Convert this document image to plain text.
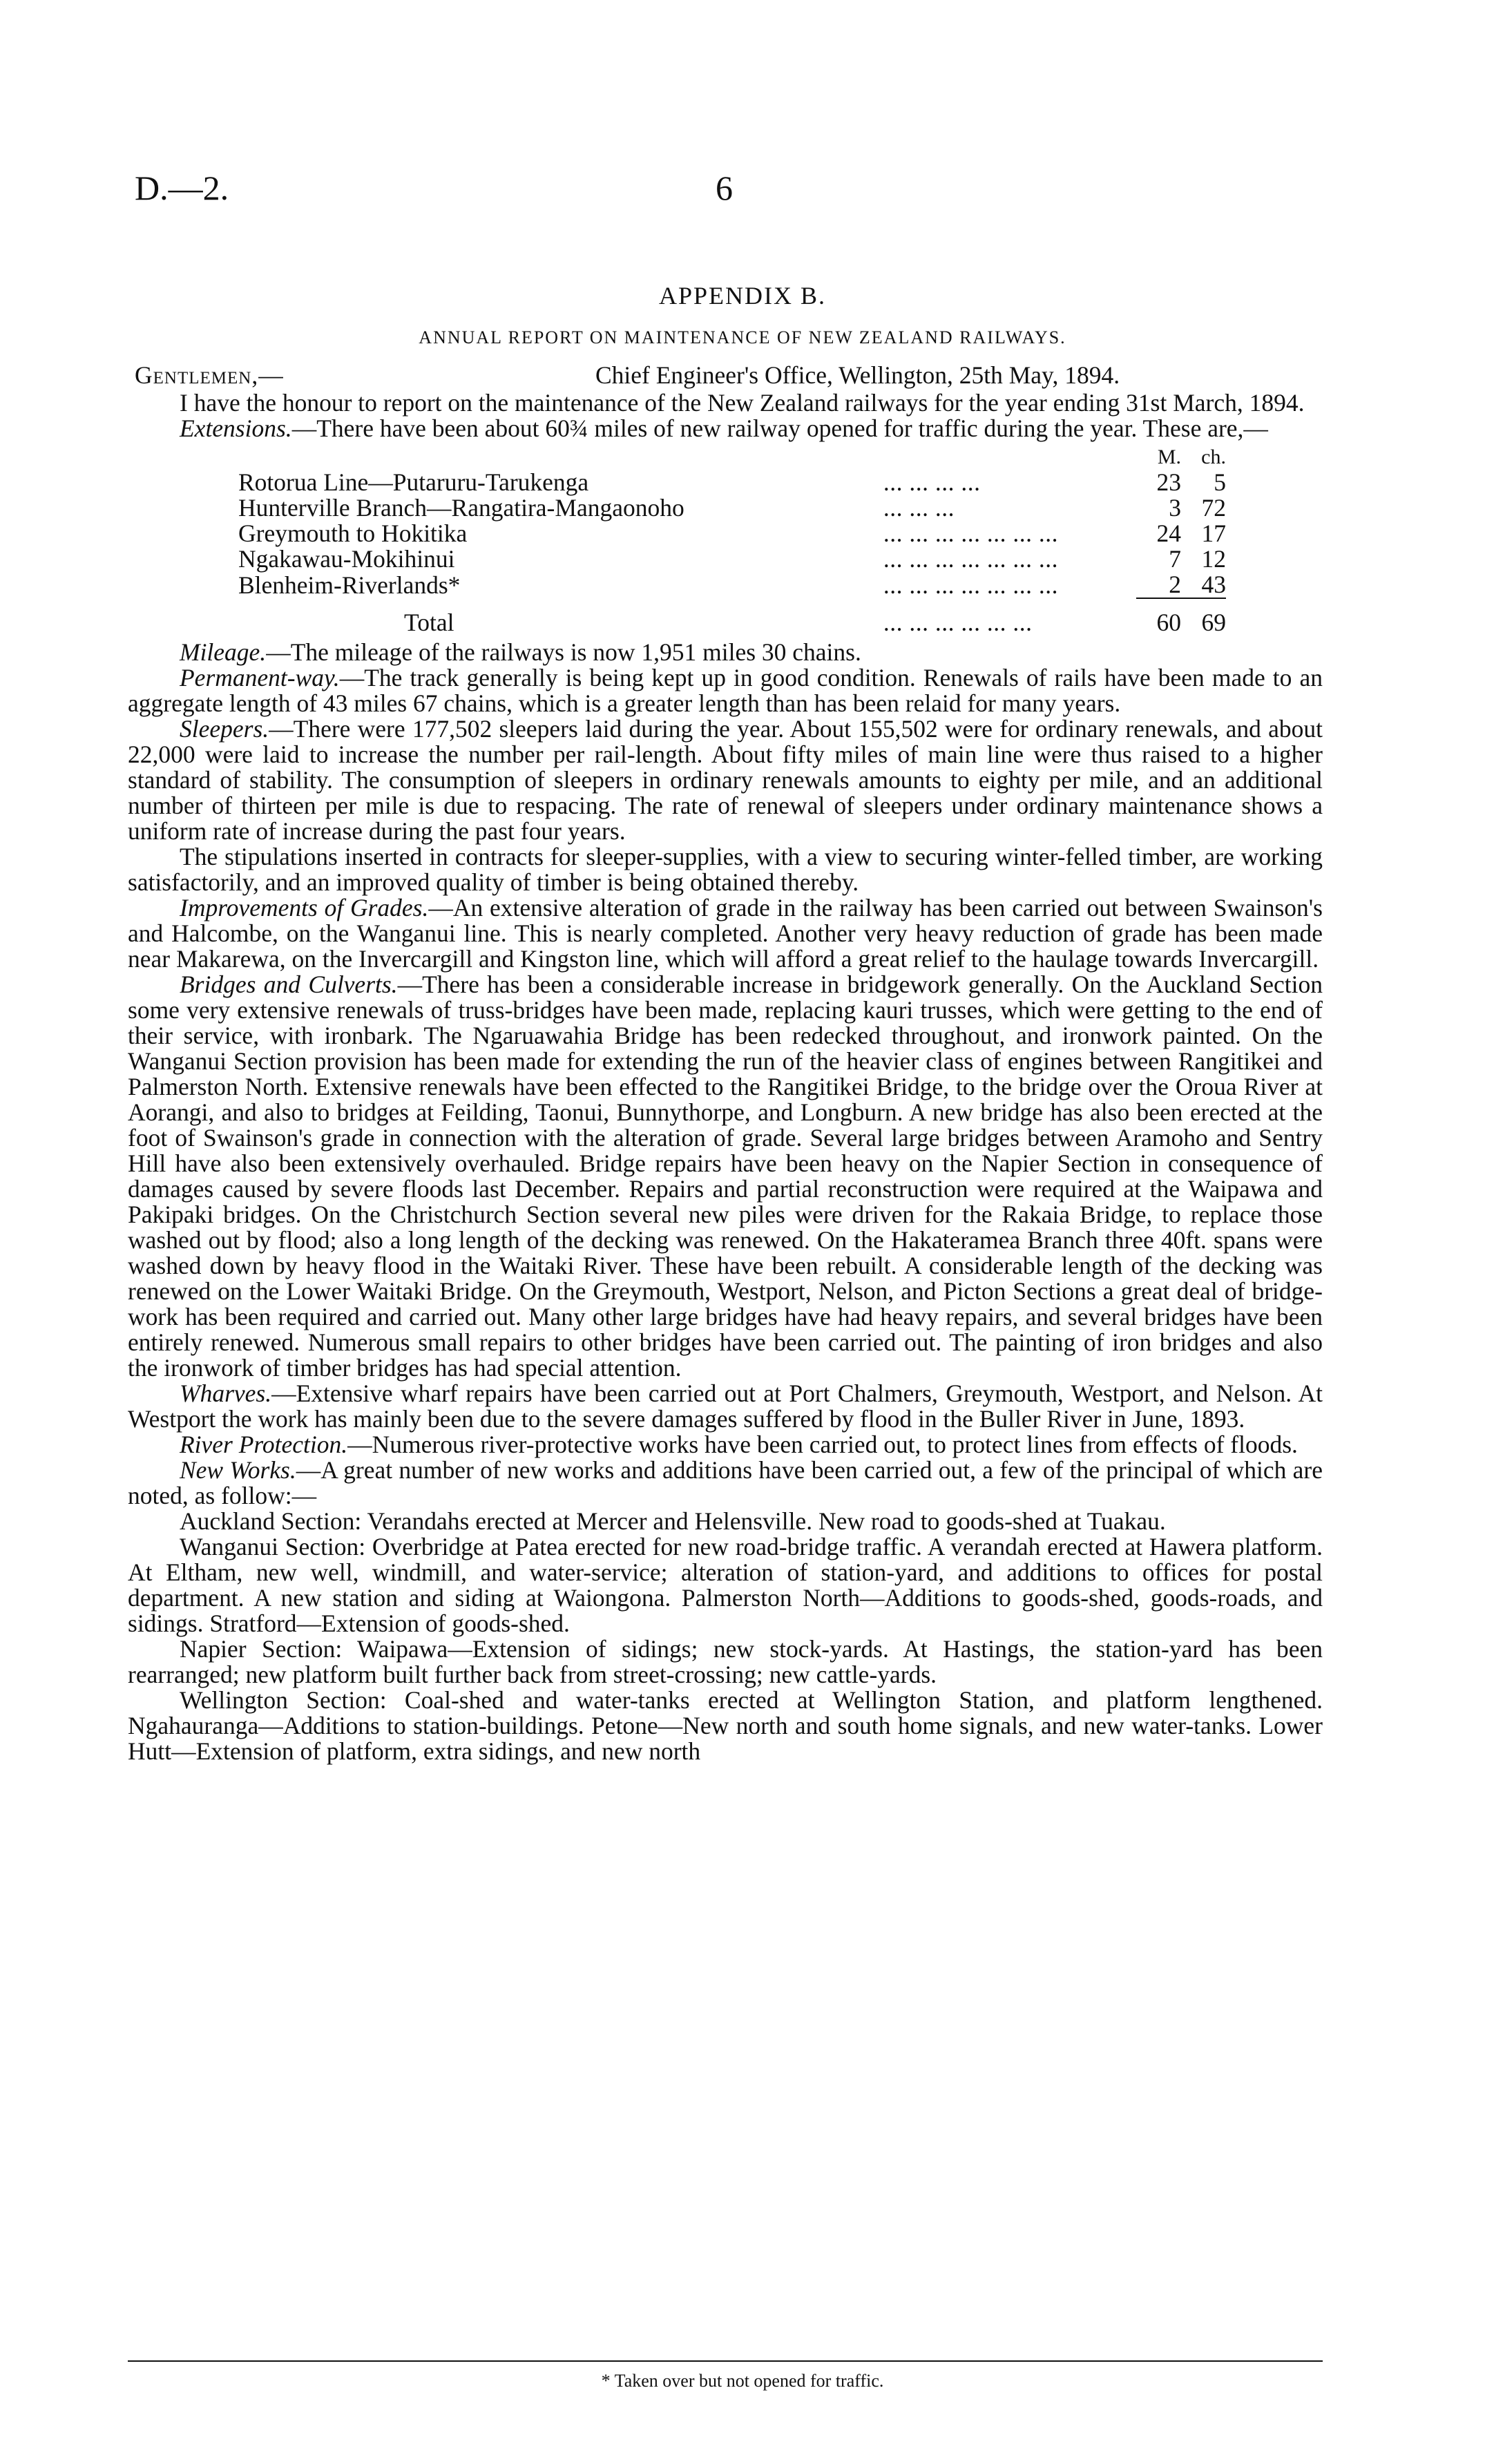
D.—2.	6
APPENDIX B.
ANNUAL REPORT ON MAINTENANCE OF NEW ZEALAND RAILWAYS.
Gentlemen,—	Chief Engineer's Office, Wellington, 25th May, 1894.

I have the honour to report on the maintenance of the New Zealand railways for the year ending 31st March, 1894.

Extensions.—There have been about 60¾ miles of new railway opened for traffic during the year. These are,—

		M.	ch.
Rotorua Line—Putaruru-Tarukenga	... ... ... ...	23	5
Hunterville Branch—Rangatira-Mangaonoho	... ... ...	3	72
Greymouth to Hokitika	... ... ... ... ... ... ...	24	17
Ngakawau-Mokihinui	... ... ... ... ... ... ...	7	12
Blenheim-Riverlands*	... ... ... ... ... ... ...	2	43
Total	... ... ... ... ... ...	60	69

Mileage.—The mileage of the railways is now 1,951 miles 30 chains.

Permanent-way.—The track generally is being kept up in good condition. Renewals of rails have been made to an aggregate length of 43 miles 67 chains, which is a greater length than has been relaid for many years.

Sleepers.—There were 177,502 sleepers laid during the year. About 155,502 were for ordinary renewals, and about 22,000 were laid to increase the number per rail-length. About fifty miles of main line were thus raised to a higher standard of stability. The consumption of sleepers in ordinary renewals amounts to eighty per mile, and an additional number of thirteen per mile is due to respacing. The rate of renewal of sleepers under ordinary maintenance shows a uniform rate of increase during the past four years.

The stipulations inserted in contracts for sleeper-supplies, with a view to securing winter-felled timber, are working satisfactorily, and an improved quality of timber is being obtained thereby.

Improvements of Grades.—An extensive alteration of grade in the railway has been carried out between Swainson's and Halcombe, on the Wanganui line. This is nearly completed. Another very heavy reduction of grade has been made near Makarewa, on the Invercargill and Kingston line, which will afford a great relief to the haulage towards Invercargill.

Bridges and Culverts.—There has been a considerable increase in bridgework generally. On the Auckland Section some very extensive renewals of truss-bridges have been made, replacing kauri trusses, which were getting to the end of their service, with ironbark. The Ngaruawahia Bridge has been redecked throughout, and ironwork painted. On the Wanganui Section provision has been made for extending the run of the heavier class of engines between Rangitikei and Palmerston North. Extensive renewals have been effected to the Rangitikei Bridge, to the bridge over the Oroua River at Aorangi, and also to bridges at Feilding, Taonui, Bunnythorpe, and Longburn. A new bridge has also been erected at the foot of Swainson's grade in connection with the alteration of grade. Several large bridges between Aramoho and Sentry Hill have also been extensively overhauled. Bridge repairs have been heavy on the Napier Section in consequence of damages caused by severe floods last December. Repairs and partial reconstruction were required at the Waipawa and Pakipaki bridges. On the Christchurch Section several new piles were driven for the Rakaia Bridge, to replace those washed out by flood; also a long length of the decking was renewed. On the Hakateramea Branch three 40ft. spans were washed down by heavy flood in the Waitaki River. These have been rebuilt. A considerable length of the decking was renewed on the Lower Waitaki Bridge. On the Greymouth, Westport, Nelson, and Picton Sections a great deal of bridge-work has been required and carried out. Many other large bridges have had heavy repairs, and several bridges have been entirely renewed. Numerous small repairs to other bridges have been carried out. The painting of iron bridges and also the ironwork of timber bridges has had special attention.

Wharves.—Extensive wharf repairs have been carried out at Port Chalmers, Greymouth, Westport, and Nelson. At Westport the work has mainly been due to the severe damages suffered by flood in the Buller River in June, 1893.

River Protection.—Numerous river-protective works have been carried out, to protect lines from effects of floods.

New Works.—A great number of new works and additions have been carried out, a few of the principal of which are noted, as follow:—

Auckland Section: Verandahs erected at Mercer and Helensville. New road to goods-shed at Tuakau.

Wanganui Section: Overbridge at Patea erected for new road-bridge traffic. A verandah erected at Hawera platform. At Eltham, new well, windmill, and water-service; alteration of station-yard, and additions to offices for postal department. A new station and siding at Waiongona. Palmerston North—Additions to goods-shed, goods-roads, and sidings. Stratford—Extension of goods-shed.

Napier Section: Waipawa—Extension of sidings; new stock-yards. At Hastings, the station-yard has been rearranged; new platform built further back from street-crossing; new cattle-yards.

Wellington Section: Coal-shed and water-tanks erected at Wellington Station, and platform lengthened. Ngahauranga—Additions to station-buildings. Petone—New north and south home signals, and new water-tanks. Lower Hutt—Extension of platform, extra sidings, and new north

* Taken over but not opened for traffic.
